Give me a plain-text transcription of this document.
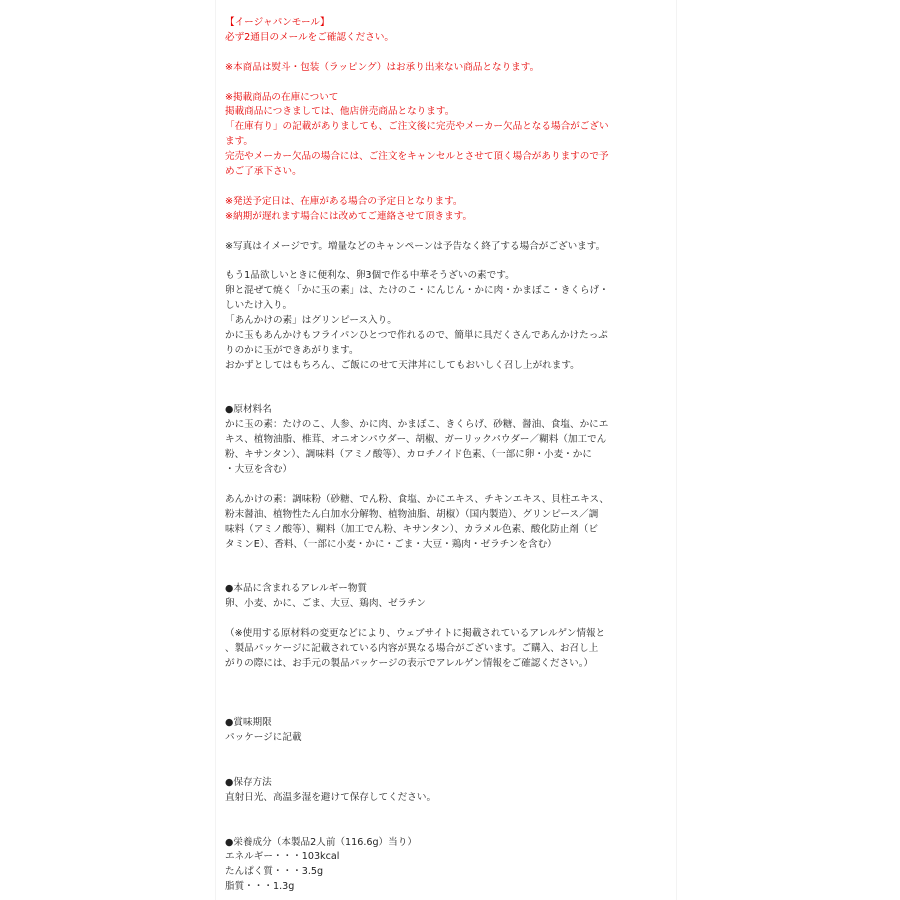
【イージャパンモール】
必ず2通目のメールをご確認ください。
※本商品は熨斗・包装（ラッピング）はお承り出来ない商品となります。
※掲載商品の在庫について
掲載商品につきましては、他店併売商品となります。
「在庫有り」の記載がありましても、ご注文後に完売やメーカー欠品となる場合がござい
ます。
完売やメーカー欠品の場合には、ご注文をキャンセルとさせて頂く場合がありますので予
めご了承下さい。
※発送予定日は、在庫がある場合の予定日となります。
※納期が遅れます場合には改めてご連絡させて頂きます。
※写真はイメージです。増量などのキャンペーンは予告なく終了する場合がございます。
もう1品欲しいときに便利な、卵3個で作る中華そうざいの素です。
卵と混ぜて焼く「かに玉の素」は、たけのこ・にんじん・かに肉・かまぼこ・きくらげ・
しいたけ入り。
「あんかけの素」はグリンピース入り。
かに玉もあんかけもフライパンひとつで作れるので、簡単に具だくさんであんかけたっぷ
りのかに玉ができあがります。
おかずとしてはもちろん、ご飯にのせて天津丼にしてもおいしく召し上がれます。
●原材料名
かに玉の素：たけのこ、人参、かに肉、かまぼこ、きくらげ、砂糖、醤油、食塩、かにエ
キス、植物油脂、椎茸、オニオンパウダー、胡椒、ガーリックパウダー／糊料（加工でん
粉、キサンタン）、調味料（アミノ酸等）、カロチノイド色素、（一部に卵・小麦・かに
・大豆を含む）
あんかけの素：調味粉（砂糖、でん粉、食塩、かにエキス、チキンエキス、貝柱エキス、
粉末醤油、植物性たん白加水分解物、植物油脂、胡椒）（国内製造）、グリンピース／調
味料（アミノ酸等）、糊料（加工でん粉、キサンタン）、カラメル色素、酸化防止剤（ビ
タミンE）、香料、（一部に小麦・かに・ごま・大豆・鶏肉・ゼラチンを含む）
●本品に含まれるアレルギー物質
卵、小麦、かに、ごま、大豆、鶏肉、ゼラチン
（※使用する原材料の変更などにより、ウェブサイトに掲載されているアレルゲン情報と
、製品パッケージに記載されている内容が異なる場合がございます。ご購入、お召し上
がりの際には、お手元の製品パッケージの表示でアレルゲン情報をご確認ください。）
●賞味期限
パッケージに記載
●保存方法
直射日光、高温多湿を避けて保存してください。
●栄養成分（本製品2人前（116.6g）当り）
エネルギー・・・103kcal
たんぱく質・・・3.5g
脂質・・・1.3g
